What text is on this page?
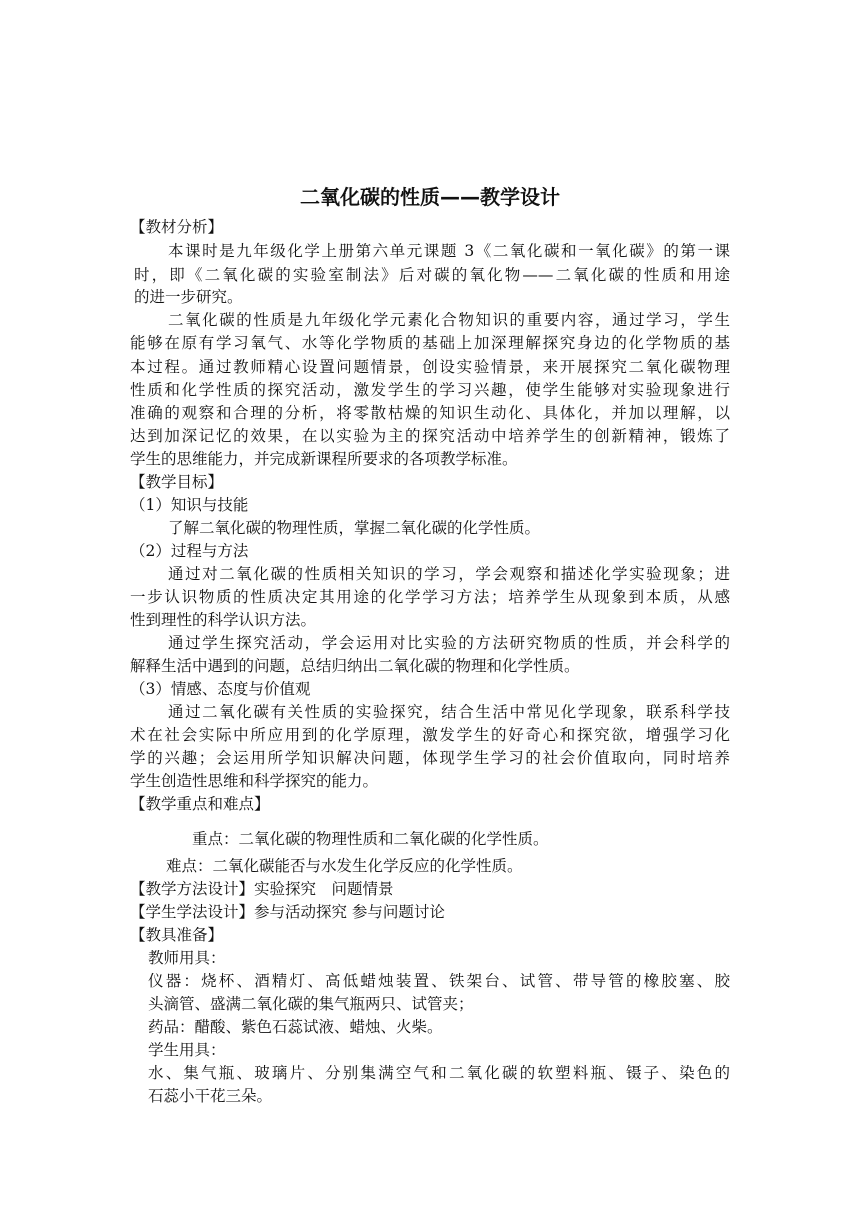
二氧化碳的性质——教学设计
【教材分析】
本课时是九年级化学上册第六单元课题 3《二氧化碳和一氧化碳》的第一课
时，即《二氧化碳的实验室制法》后对碳的氧化物——二氧化碳的性质和用途
的进一步研究。
二氧化碳的性质是九年级化学元素化合物知识的重要内容，通过学习，学生
能够在原有学习氧气、水等化学物质的基础上加深理解探究身边的化学物质的基
本过程。通过教师精心设置问题情景，创设实验情景，来开展探究二氧化碳物理
性质和化学性质的探究活动，激发学生的学习兴趣，使学生能够对实验现象进行
准确的观察和合理的分析，将零散枯燥的知识生动化、具体化，并加以理解，以
达到加深记忆的效果，在以实验为主的探究活动中培养学生的创新精神，锻炼了
学生的思维能力，并完成新课程所要求的各项教学标准。
【教学目标】
（1）知识与技能
了解二氧化碳的物理性质，掌握二氧化碳的化学性质。
（2）过程与方法
通过对二氧化碳的性质相关知识的学习，学会观察和描述化学实验现象；进
一步认识物质的性质决定其用途的化学学习方法；培养学生从现象到本质，从感
性到理性的科学认识方法。
通过学生探究活动，学会运用对比实验的方法研究物质的性质，并会科学的
解释生活中遇到的问题，总结归纳出二氧化碳的物理和化学性质。
（3）情感、态度与价值观
通过二氧化碳有关性质的实验探究，结合生活中常见化学现象，联系科学技
术在社会实际中所应用到的化学原理，激发学生的好奇心和探究欲，增强学习化
学的兴趣；会运用所学知识解决问题，体现学生学习的社会价值取向，同时培养
学生创造性思维和科学探究的能力。
【教学重点和难点】
重点：二氧化碳的物理性质和二氧化碳的化学性质。
难点：二氧化碳能否与水发生化学反应的化学性质。
【教学方法设计】实验探究　问题情景
【学生学法设计】参与活动探究 参与问题讨论
【教具准备】
教师用具：
仪器：烧杯、酒精灯、高低蜡烛装置、铁架台、试管、带导管的橡胶塞、胶
头滴管、盛满二氧化碳的集气瓶两只、试管夹；
药品：醋酸、紫色石蕊试液、蜡烛、火柴。
学生用具：
水、集气瓶、玻璃片、分别集满空气和二氧化碳的软塑料瓶、镊子、染色的
石蕊小干花三朵。
